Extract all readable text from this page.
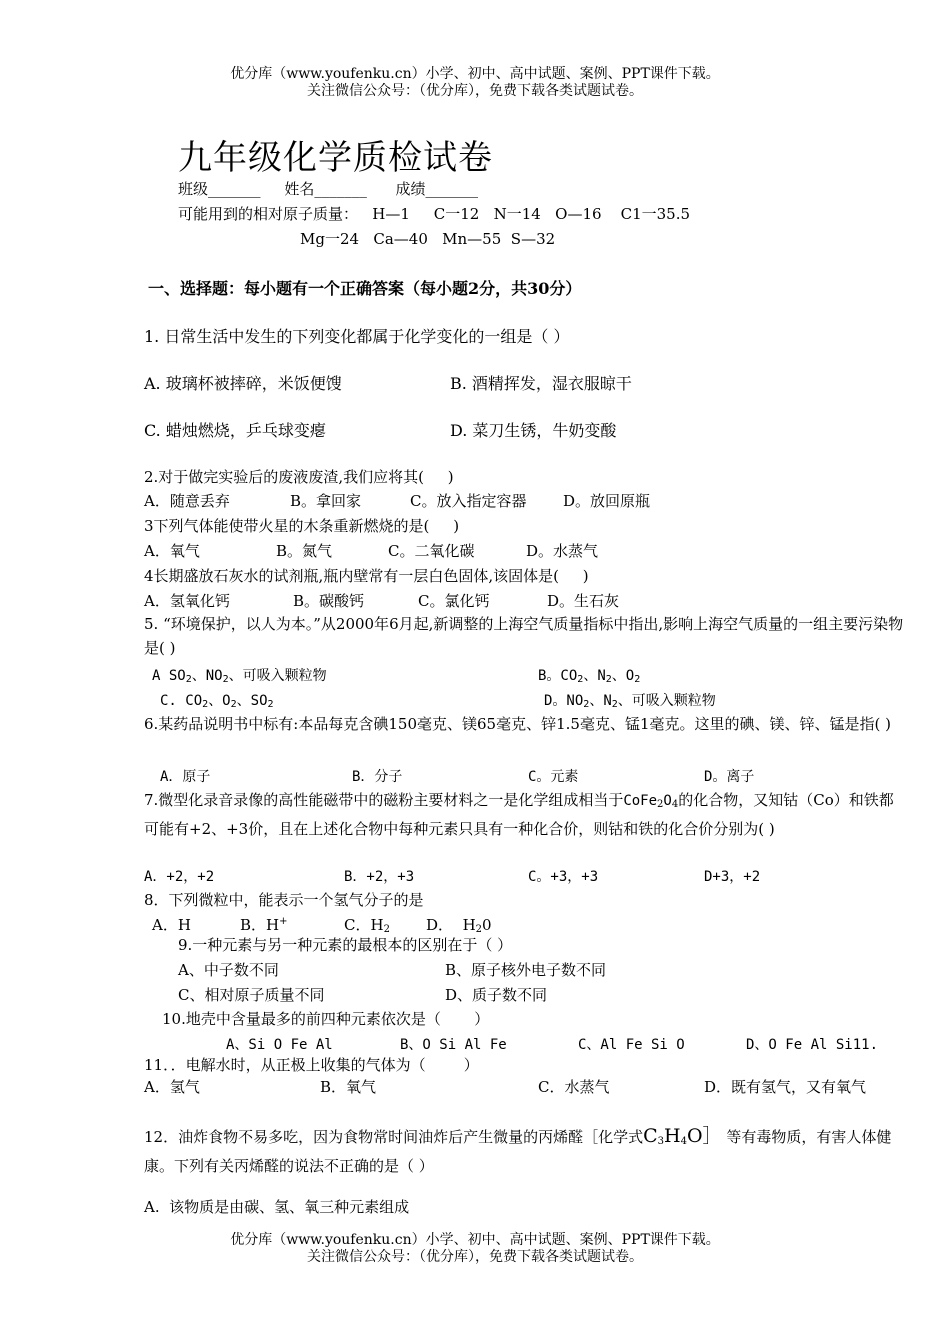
优分库（www.youfenku.cn）小学、初中、高中试题、案例、PPT课件下载。
关注微信公众号：（优分库），免费下载各类试题试卷。
九年级化学质检试卷
班级_______     姓名_______      成绩_______
可能用到的相对原子质量：   H—1     C一12   N一14   O—16    C1一35.5
Mg一24   Ca—40   Mn—55  S—32
一、选择题：每小题有一个正确答案（每小题2分，共30分）
1. 日常生活中发生的下列变化都属于化学变化的一组是（ ）
A. 玻璃杯被摔碎，米饭便馊	B. 酒精挥发，湿衣服晾干
C. 蜡烛燃烧，乒乓球变瘪	D. 菜刀生锈，牛奶变酸
2.对于做完实验后的废液废渣,我们应将其(     )
A．随意丢弃	B。拿回家	C。放入指定容器 D。放回原瓶
3下列气体能使带火星的木条重新燃烧的是(     )
A．氧气	B。氮气	C。二氧化碳	D。水蒸气
4长期盛放石灰水的试剂瓶,瓶内壁常有一层白色固体,该固体是(     )
A．氢氧化钙	B。碳酸钙	C。氯化钙	D。生石灰
5. “环境保护，以人为本。”从2000年6月起,新调整的上海空气质量指标中指出,影响上海空气质量的一组主要污染物是( )
A $SO_2$、$NO_2$、可吸入颗粒物	B。$CO_2$、$N_2$、$O_2$
C. $CO_2$、$O_2$、$SO_2$	D。$NO_2$、$N_2$、可吸入颗粒物
6.某药品说明书中标有:本品每克含碘150毫克、镁65毫克、锌1.5毫克、锰1毫克。这里的碘、镁、锌、锰是指( )
A．原子	B．分子	C。元素	D。离子
7.微型化录音录像的高性能磁带中的磁粉主要材料之一是化学组成相当于$CoFe_2O_4$的化合物，又知钴（Co）和铁都可能有+2、+3价，且在上述化合物中每种元素只具有一种化合价，则钴和铁的化合价分别为( )
A．+2，+2	B．+2，+3	C。+3，+3	D+3，+2
8．下列微粒中，能表示一个氢气分子的是
A．H	B．H+	C．$H_2$ D．  $H_20$
9.一种元素与另一种元素的最根本的区别在于（ ）
A、中子数不同	B、原子核外电子数不同
C、相对原子质量不同	D、质子数不同
10.地壳中含量最多的前四种元素依次是（       ）
A、Si O Fe Al	B、O Si Al Fe	C、Al Fe Si O	D、O Fe Al Si11.
11．．电解水时，从正极上收集的气体为（        ）
A．氢气	B．氧气	C．水蒸气	D．既有氢气，又有氧气
12．油炸食物不易多吃，因为食物常时间油炸后产生微量的丙烯醛［化学式$C_3H_4O]$ 等有毒物质，有害人体健康。下列有关丙烯醛的说法不正确的是（ ）
A.  该物质是由碳、氢、氧三种元素组成
优分库（www.youfenku.cn）小学、初中、高中试题、案例、PPT课件下载。
关注微信公众号：（优分库），免费下载各类试题试卷。
